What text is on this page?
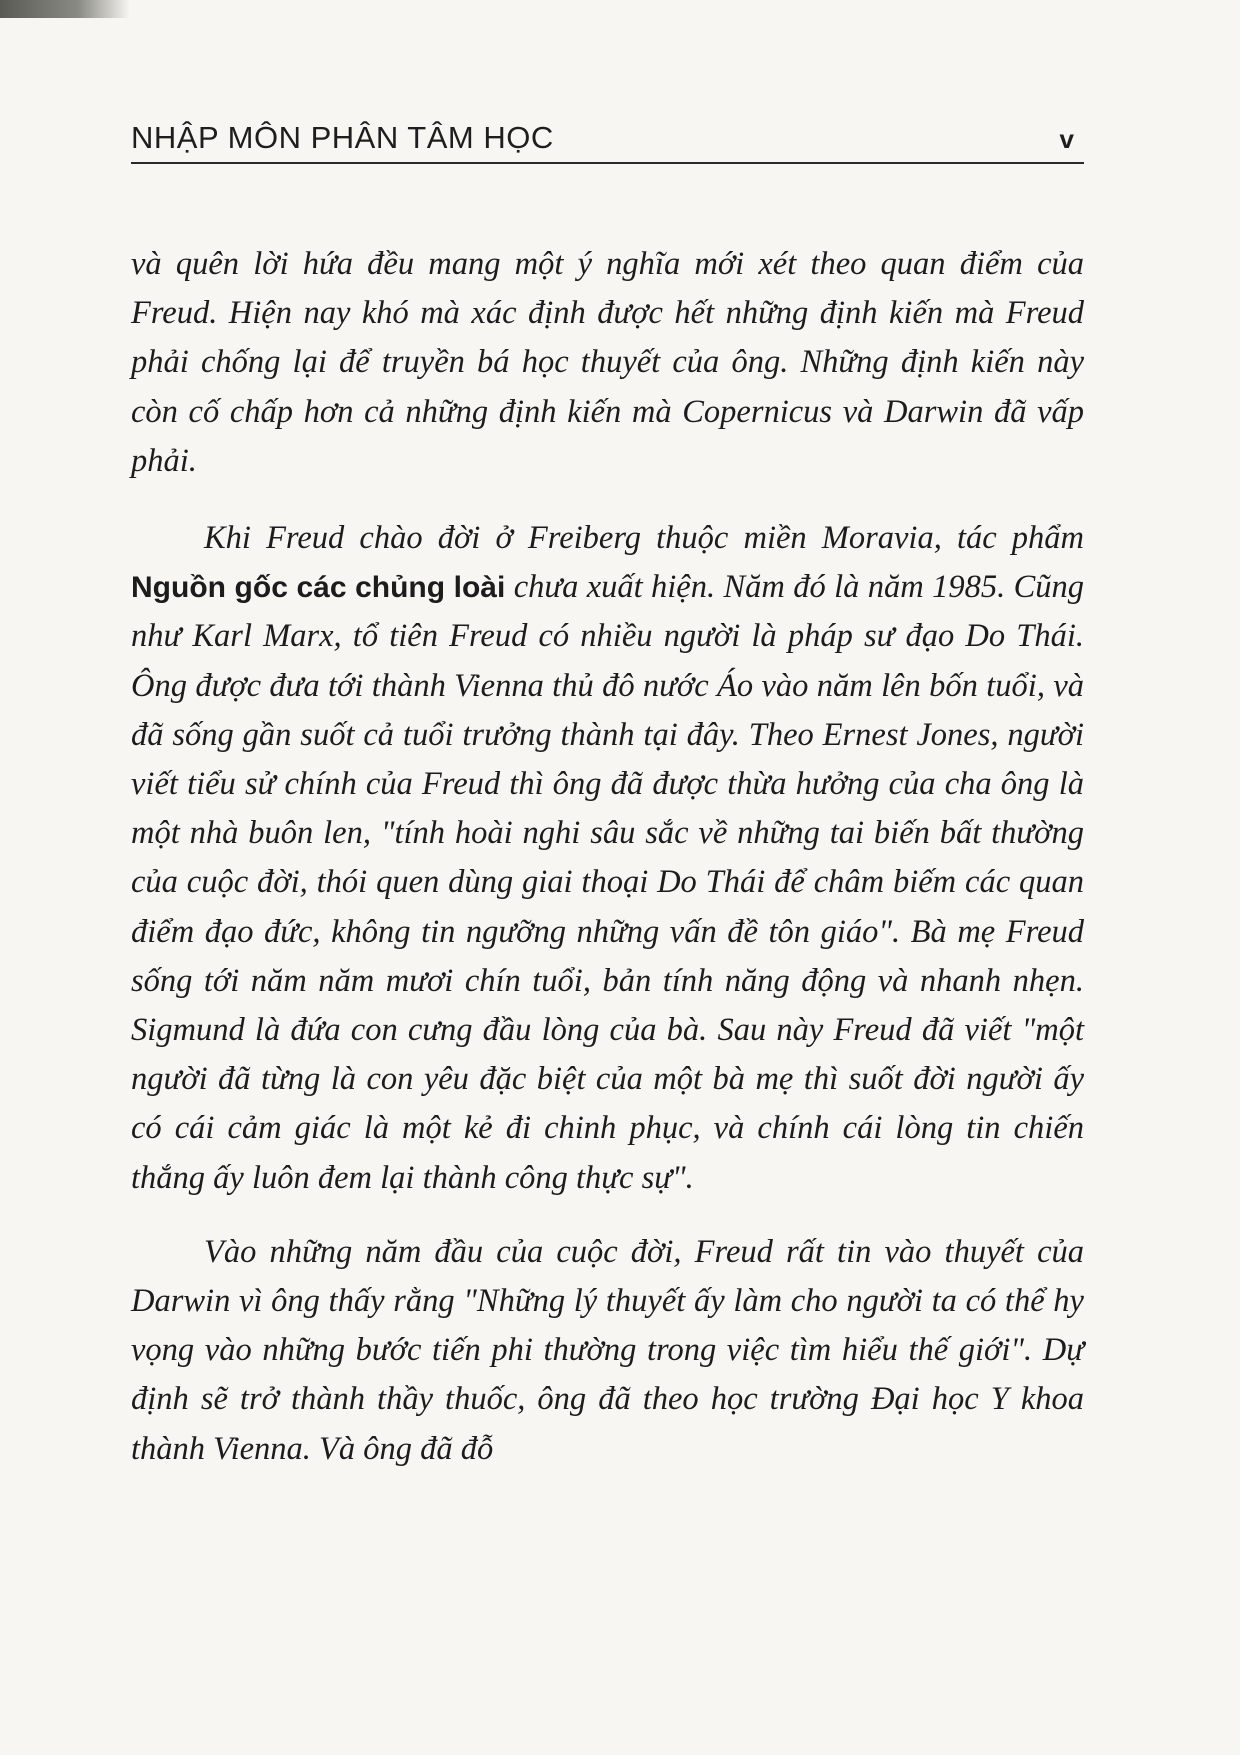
NHẬP MÔN PHÂN TÂM HỌC	v

và quên lời hứa đều mang một ý nghĩa mới xét theo quan điểm của Freud. Hiện nay khó mà xác định được hết những định kiến mà Freud phải chống lại để truyền bá học thuyết của ông. Những định kiến này còn cố chấp hơn cả những định kiến mà Copernicus và Darwin đã vấp phải.

Khi Freud chào đời ở Freiberg thuộc miền Moravia, tác phẩm Nguồn gốc các chủng loài chưa xuất hiện. Năm đó là năm 1985. Cũng như Karl Marx, tổ tiên Freud có nhiều người là pháp sư đạo Do Thái. Ông được đưa tới thành Vienna thủ đô nước Áo vào năm lên bốn tuổi, và đã sống gần suốt cả tuổi trưởng thành tại đây. Theo Ernest Jones, người viết tiểu sử chính của Freud thì ông đã được thừa hưởng của cha ông là một nhà buôn len, "tính hoài nghi sâu sắc về những tai biến bất thường của cuộc đời, thói quen dùng giai thoại Do Thái để châm biếm các quan điểm đạo đức, không tin ngưỡng những vấn đề tôn giáo". Bà mẹ Freud sống tới năm năm mươi chín tuổi, bản tính năng động và nhanh nhẹn. Sigmund là đứa con cưng đầu lòng của bà. Sau này Freud đã viết "một người đã từng là con yêu đặc biệt của một bà mẹ thì suốt đời người ấy có cái cảm giác là một kẻ đi chinh phục, và chính cái lòng tin chiến thắng ấy luôn đem lại thành công thực sự".

Vào những năm đầu của cuộc đời, Freud rất tin vào thuyết của Darwin vì ông thấy rằng "Những lý thuyết ấy làm cho người ta có thể hy vọng vào những bước tiến phi thường trong việc tìm hiểu thế giới". Dự định sẽ trở thành thầy thuốc, ông đã theo học trường Đại học Y khoa thành Vienna. Và ông đã đỗ
